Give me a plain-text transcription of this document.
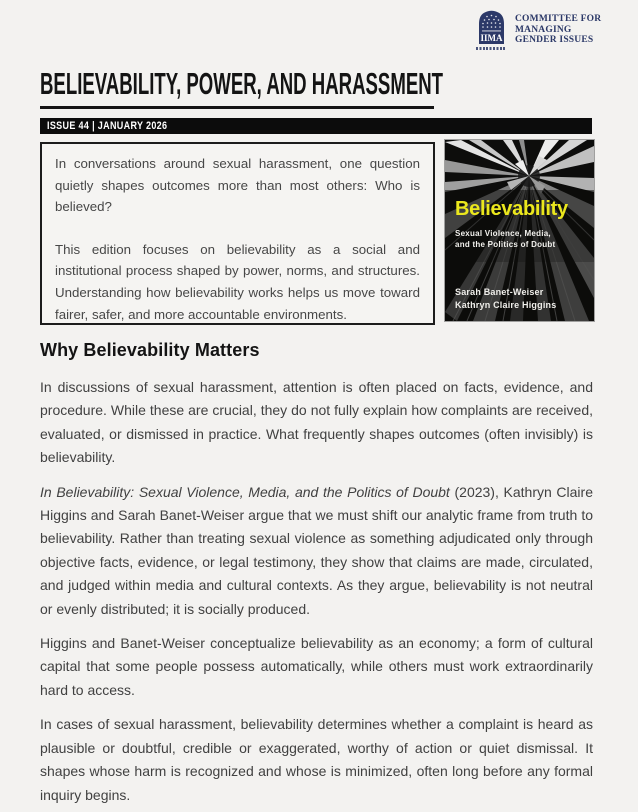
IIMA
COMMITTEE FOR
MANAGING
GENDER ISSUES
BELIEVABILITY, POWER, AND HARASSMENT
ISSUE 44 | JANUARY 2026

In conversations around sexual harassment, one question quietly shapes outcomes more than most others: Who is believed?

This edition focuses on believability as a social and institutional process shaped by power, norms, and structures. Understanding how believability works helps us move toward fairer, safer, and more accountable environments.

Believability
Sexual Violence, Media,
and the Politics of Doubt
Sarah Banet-Weiser
Kathryn Claire Higgins
Why Believability Matters

In discussions of sexual harassment, attention is often placed on facts, evidence, and procedure. While these are crucial, they do not fully explain how complaints are received, evaluated, or dismissed in practice. What frequently shapes outcomes (often invisibly) is believability.

In Believability: Sexual Violence, Media, and the Politics of Doubt (2023), Kathryn Claire Higgins and Sarah Banet-Weiser argue that we must shift our analytic frame from truth to believability. Rather than treating sexual violence as something adjudicated only through objective facts, evidence, or legal testimony, they show that claims are made, circulated, and judged within media and cultural contexts. As they argue, believability is not neutral or evenly distributed; it is socially produced.

Higgins and Banet-Weiser conceptualize believability as an economy; a form of cultural capital that some people possess automatically, while others must work extraordinarily hard to access.

In cases of sexual harassment, believability determines whether a complaint is heard as plausible or doubtful, credible or exaggerated, worthy of action or quiet dismissal. It shapes whose harm is recognized and whose is minimized, often long before any formal inquiry begins.
